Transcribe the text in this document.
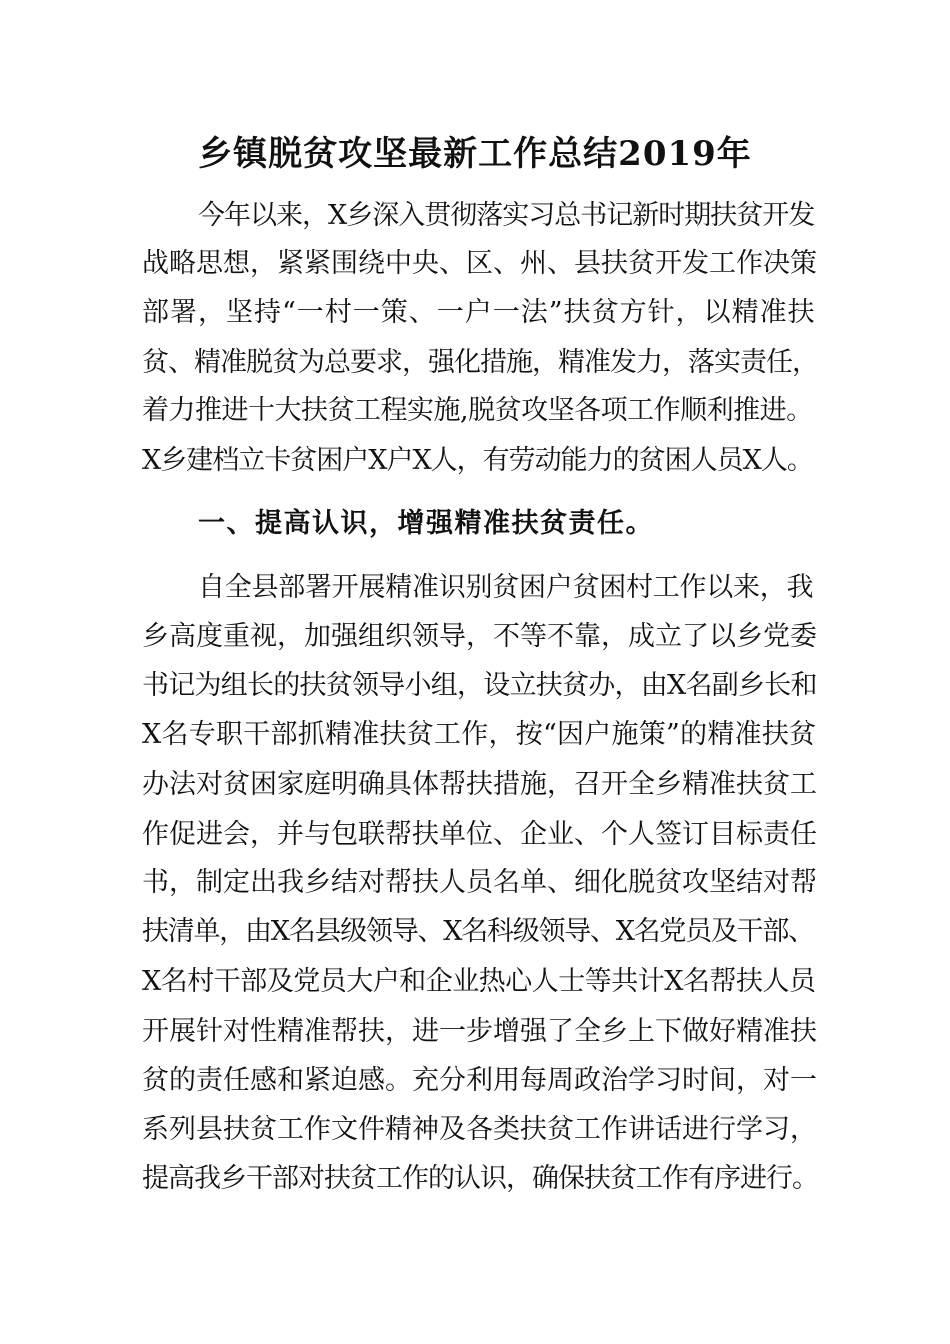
乡镇脱贫攻坚最新工作总结2019年
今年以来，X乡深入贯彻落实习总书记新时期扶贫开发
战略思想，紧紧围绕中央、区、州、县扶贫开发工作决策
部署，坚持“一村一策、一户一法”扶贫方针，以精准扶
贫、精准脱贫为总要求，强化措施，精准发力，落实责任，
着力推进十大扶贫工程实施,脱贫攻坚各项工作顺利推进。
X乡建档立卡贫困户X户X人，有劳动能力的贫困人员X人。
一、提高认识，增强精准扶贫责任。
自全县部署开展精准识别贫困户贫困村工作以来，我
乡高度重视，加强组织领导，不等不靠，成立了以乡党委
书记为组长的扶贫领导小组，设立扶贫办，由X名副乡长和
X名专职干部抓精准扶贫工作，按“因户施策”的精准扶贫
办法对贫困家庭明确具体帮扶措施，召开全乡精准扶贫工
作促进会，并与包联帮扶单位、企业、个人签订目标责任
书，制定出我乡结对帮扶人员名单、细化脱贫攻坚结对帮
扶清单，由X名县级领导、X名科级领导、X名党员及干部、
X名村干部及党员大户和企业热心人士等共计X名帮扶人员
开展针对性精准帮扶，进一步增强了全乡上下做好精准扶
贫的责任感和紧迫感。充分利用每周政治学习时间，对一
系列县扶贫工作文件精神及各类扶贫工作讲话进行学习，
提高我乡干部对扶贫工作的认识，确保扶贫工作有序进行。
